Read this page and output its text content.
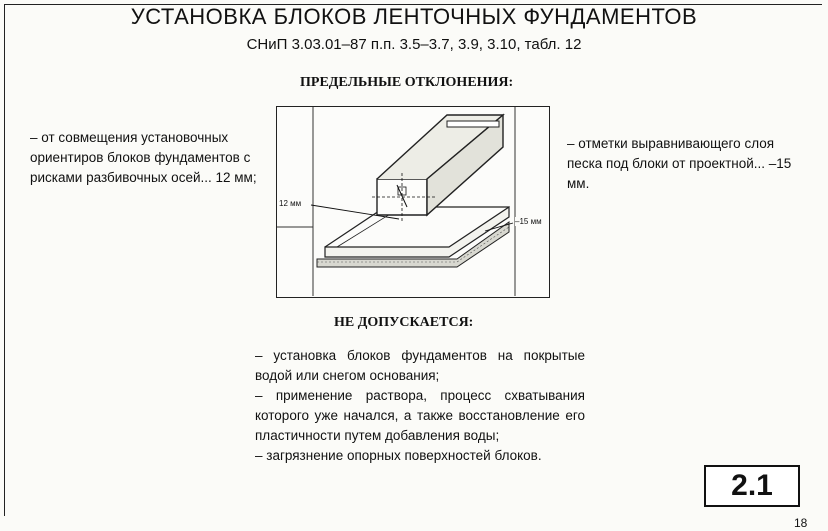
УСТАНОВКА БЛОКОВ ЛЕНТОЧНЫХ ФУНДАМЕНТОВ
СНиП 3.03.01–87 п.п. 3.5–3.7, 3.9, 3.10, табл. 12
ПРЕДЕЛЬНЫЕ ОТКЛОНЕНИЯ:
– от совмещения установочных ориентиров блоков фундаментов с рисками разбивочных осей... 12 мм;
– отметки выравнивающего слоя песка под блоки от проектной... –15 мм.
12 мм
–15 мм
НЕ ДОПУСКАЕТСЯ:
– установка блоков фундаментов на покрытые водой или снегом основания;
– применение раствора, процесс схватывания которого уже начался, а также восстановление его пластичности путем добавления воды;
– загрязнение опорных поверхностей блоков.
2.1
18
